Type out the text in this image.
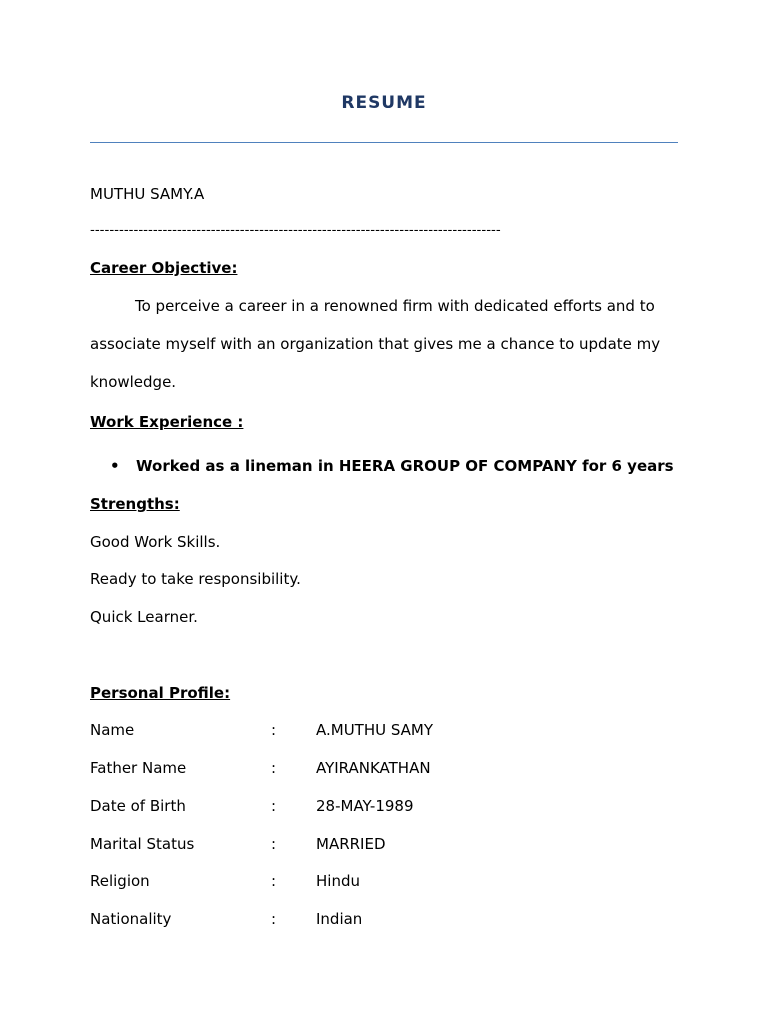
RESUME
MUTHU SAMY.A
-------------------------------------------------------------------------------------
Career Objective:
To perceive a career in a renowned firm with dedicated efforts and to
associate myself with an organization that gives me a chance to update my
knowledge.
Work Experience :
• Worked as a lineman in HEERA GROUP OF COMPANY for 6 years
Strengths:
Good Work Skills.
Ready to take responsibility.
Quick Learner.
Personal Profile:
Name	:	A.MUTHU SAMY
Father Name	:	AYIRANKATHAN
Date of Birth	:	28-MAY-1989
Marital Status	:	MARRIED
Religion	:	Hindu
Nationality	:	Indian
